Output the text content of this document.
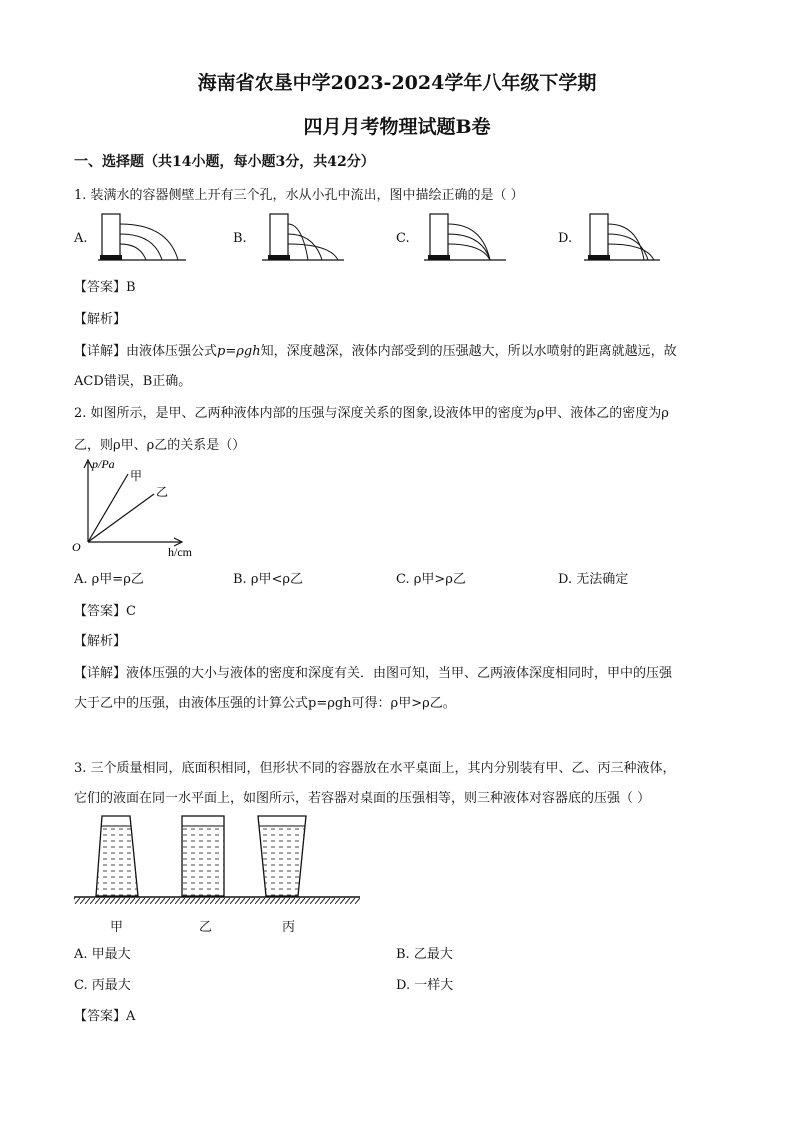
海南省农垦中学2023-2024学年八年级下学期
四月月考物理试题B卷
一、选择题（共14小题，每小题3分，共42分）
1. 装满水的容器侧壁上开有三个孔，水从小孔中流出，图中描绘正确的是（ ）
A.	B.	C.	D.
【答案】B
【解析】
【详解】由液体压强公式p=ρgh知，深度越深，液体内部受到的压强越大，所以水喷射的距离就越远，故
ACD错误，B正确。
2. 如图所示，是甲、乙两种液体内部的压强与深度关系的图象,设液体甲的密度为ρ甲、液体乙的密度为ρ
乙，则ρ甲、ρ乙的关系是（）
p/Pa
O	h/cm
甲
乙
A. ρ甲=ρ乙	B. ρ甲<ρ乙	C. ρ甲>ρ乙	D. 无法确定
【答案】C
【解析】
【详解】液体压强的大小与液体的密度和深度有关．由图可知，当甲、乙两液体深度相同时，甲中的压强
大于乙中的压强，由液体压强的计算公式p=ρgh可得：ρ甲>ρ乙。
3. 三个质量相同，底面积相同，但形状不同的容器放在水平桌面上，其内分别装有甲、乙、丙三种液体，
它们的液面在同一水平面上，如图所示，若容器对桌面的压强相等，则三种液体对容器底的压强（ ）
甲	乙	丙
A. 甲最大	B. 乙最大
C. 丙最大	D. 一样大
【答案】A
